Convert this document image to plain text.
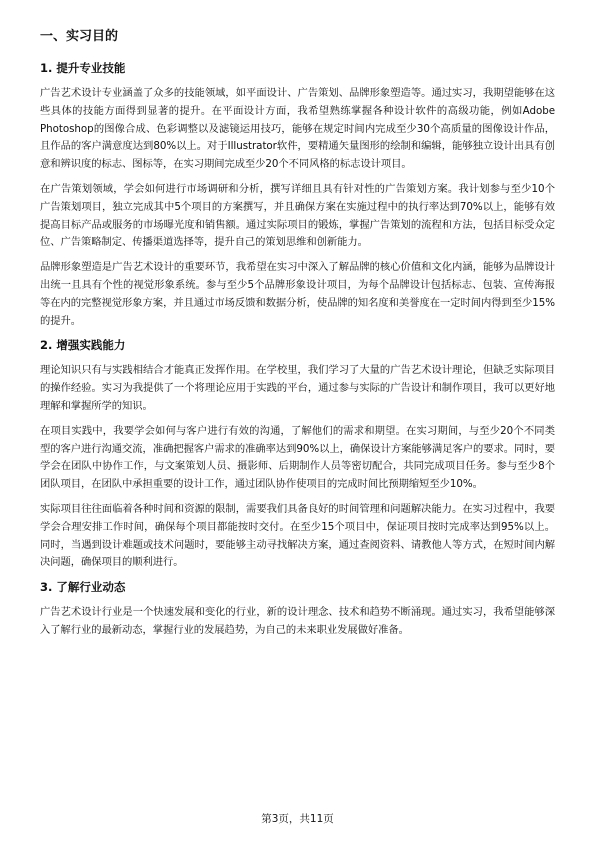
一、实习目的
1. 提升专业技能

广告艺术设计专业涵盖了众多的技能领域，如平面设计、广告策划、品牌形象塑造等。通过实习，我期望能够在这些具体的技能方面得到显著的提升。在平面设计方面，我希望熟练掌握各种设计软件的高级功能，例如Adobe Photoshop的图像合成、色彩调整以及滤镜运用技巧，能够在规定时间内完成至少30个高质量的图像设计作品，且作品的客户满意度达到80%以上。对于Illustrator软件，要精通矢量图形的绘制和编辑，能够独立设计出具有创意和辨识度的标志、图标等，在实习期间完成至少20个不同风格的标志设计项目。

在广告策划领域，学会如何进行市场调研和分析，撰写详细且具有针对性的广告策划方案。我计划参与至少10个广告策划项目，独立完成其中5个项目的方案撰写，并且确保方案在实施过程中的执行率达到70%以上，能够有效提高目标产品或服务的市场曝光度和销售额。通过实际项目的锻炼，掌握广告策划的流程和方法，包括目标受众定位、广告策略制定、传播渠道选择等，提升自己的策划思维和创新能力。

品牌形象塑造是广告艺术设计的重要环节，我希望在实习中深入了解品牌的核心价值和文化内涵，能够为品牌设计出统一且具有个性的视觉形象系统。参与至少5个品牌形象设计项目，为每个品牌设计包括标志、包装、宣传海报等在内的完整视觉形象方案，并且通过市场反馈和数据分析，使品牌的知名度和美誉度在一定时间内得到至少15%的提升。

2. 增强实践能力

理论知识只有与实践相结合才能真正发挥作用。在学校里，我们学习了大量的广告艺术设计理论，但缺乏实际项目的操作经验。实习为我提供了一个将理论应用于实践的平台，通过参与实际的广告设计和制作项目，我可以更好地理解和掌握所学的知识。

在项目实践中，我要学会如何与客户进行有效的沟通，了解他们的需求和期望。在实习期间，与至少20个不同类型的客户进行沟通交流，准确把握客户需求的准确率达到90%以上，确保设计方案能够满足客户的要求。同时，要学会在团队中协作工作，与文案策划人员、摄影师、后期制作人员等密切配合，共同完成项目任务。参与至少8个团队项目，在团队中承担重要的设计工作，通过团队协作使项目的完成时间比预期缩短至少10%。

实际项目往往面临着各种时间和资源的限制，需要我们具备良好的时间管理和问题解决能力。在实习过程中，我要学会合理安排工作时间，确保每个项目都能按时交付。在至少15个项目中，保证项目按时完成率达到95%以上。同时，当遇到设计难题或技术问题时，要能够主动寻找解决方案，通过查阅资料、请教他人等方式，在短时间内解决问题，确保项目的顺利进行。

3. 了解行业动态

广告艺术设计行业是一个快速发展和变化的行业，新的设计理念、技术和趋势不断涌现。通过实习，我希望能够深入了解行业的最新动态，掌握行业的发展趋势，为自己的未来职业发展做好准备。

第3页，共11页
